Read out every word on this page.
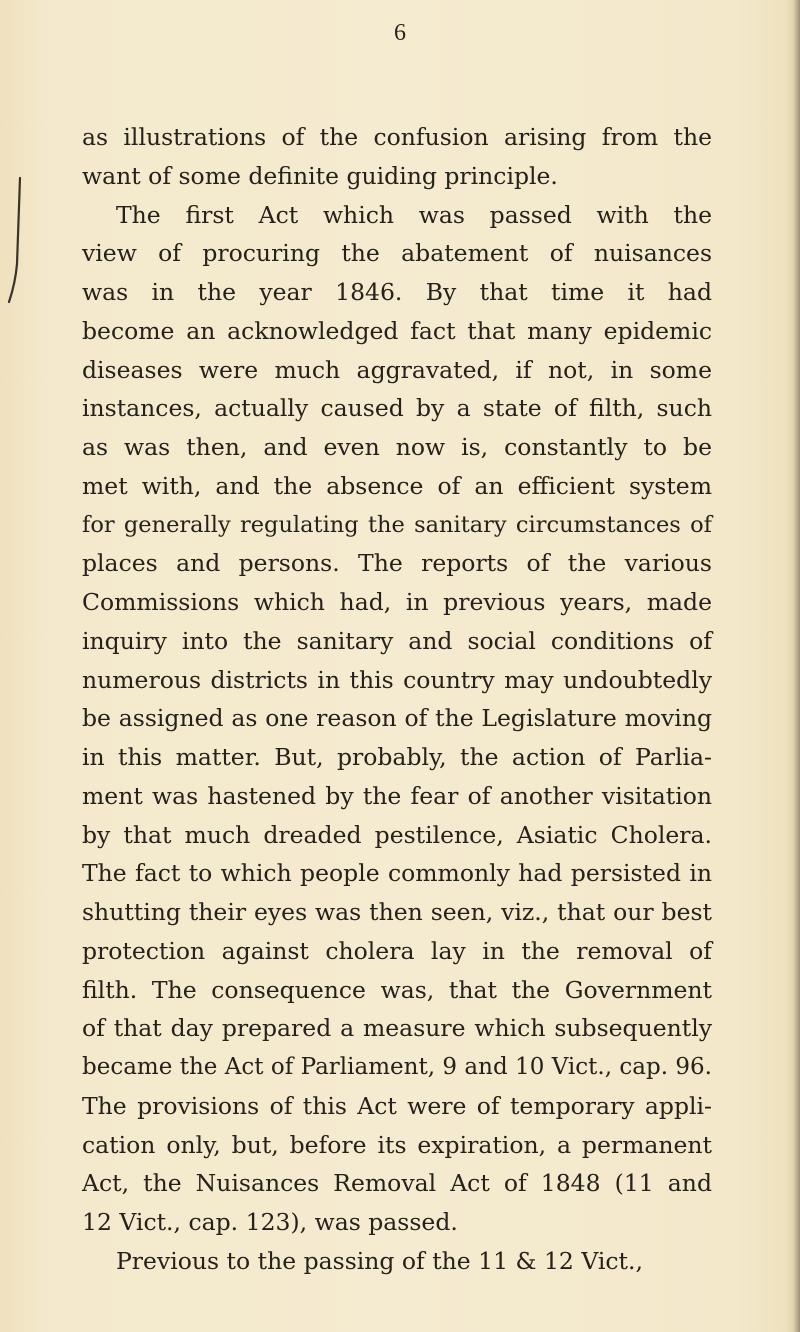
6

as illustrations of the confusion arising from the
want of some definite guiding principle.
The first Act which was passed with the
view of procuring the abatement of nuisances
was in the year 1846. By that time it had
become an acknowledged fact that many epidemic
diseases were much aggravated, if not, in some
instances, actually caused by a state of filth, such
as was then, and even now is, constantly to be
met with, and the absence of an efficient system
for generally regulating the sanitary circumstances of
places and persons. The reports of the various
Commissions which had, in previous years, made
inquiry into the sanitary and social conditions of
numerous districts in this country may undoubtedly
be assigned as one reason of the Legislature moving
in this matter. But, probably, the action of Parlia-
ment was hastened by the fear of another visitation
by that much dreaded pestilence, Asiatic Cholera.
The fact to which people commonly had persisted in
shutting their eyes was then seen, viz., that our best
protection against cholera lay in the removal of
filth. The consequence was, that the Government
of that day prepared a measure which subsequently
became the Act of Parliament, 9 and 10 Vict., cap. 96.
The provisions of this Act were of temporary appli-
cation only, but, before its expiration, a permanent
Act, the Nuisances Removal Act of 1848 (11 and
12 Vict., cap. 123), was passed.
Previous to the passing of the 11 & 12 Vict.,
